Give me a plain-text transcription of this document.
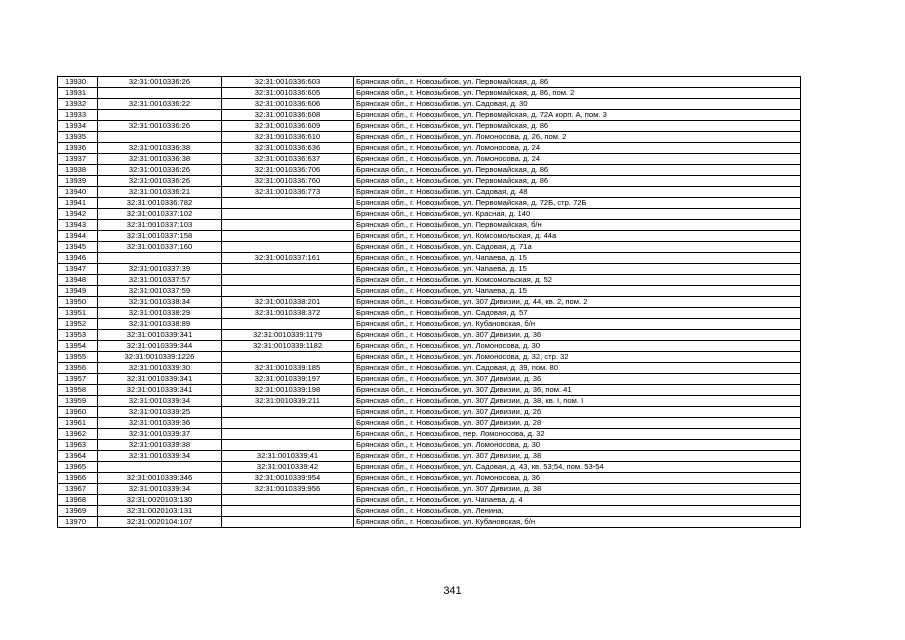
13930	32:31:0010336:26	32:31:0010336:603	Брянская обл., г. Новозыбков, ул. Первомайская, д. 86
13931		32:31:0010336:605	Брянская обл., г. Новозыбков, ул. Первомайская, д. 86, пом. 2
13932	32:31:0010336:22	32:31:0010336:606	Брянская обл., г. Новозыбков, ул. Садовая, д. 30
13933		32:31:0010336:608	Брянская обл., г. Новозыбков, ул. Первомайская, д. 72А корп. А, пом. 3
13934	32:31:0010336:26	32:31:0010336:609	Брянская обл., г. Новозыбков, ул. Первомайская, д. 86
13935		32:31:0010336:610	Брянская обл., г. Новозыбков, ул. Ломоносова, д. 26, пом. 2
13936	32:31:0010336:38	32:31:0010336:636	Брянская обл., г. Новозыбков, ул. Ломоносова, д. 24
13937	32:31:0010336:38	32:31:0010336:637	Брянская обл., г. Новозыбков, ул. Ломоносова, д. 24
13938	32:31:0010336:26	32:31:0010336:706	Брянская обл., г. Новозыбков, ул. Первомайская, д. 86
13939	32:31:0010336:26	32:31:0010336:760	Брянская обл., г. Новозыбков, ул. Первомайская, д. 86
13940	32:31:0010336:21	32:31:0010336:773	Брянская обл., г. Новозыбков, ул. Садовая, д. 48
13941	32:31:0010336:782		Брянская обл., г. Новозыбков, ул. Первомайская, д. 72Б, стр. 72Б
13942	32:31:0010337:102		Брянская обл., г. Новозыбков, ул. Красная, д. 140
13943	32:31:0010337:103		Брянская обл., г. Новозыбков, ул. Первомайская, б/н
13944	32:31:0010337:158		Брянская обл., г. Новозыбков, ул. Комсомольская, д. 44а
13945	32:31:0010337:160		Брянская обл., г. Новозыбков, ул. Садовая, д. 71а
13946		32:31:0010337:161	Брянская обл., г. Новозыбков, ул. Чапаева, д. 15
13947	32:31:0010337:39		Брянская обл., г. Новозыбков, ул. Чапаева, д. 15
13948	32:31:0010337:57		Брянская обл., г. Новозыбков, ул. Комсомольская, д. 52
13949	32:31:0010337:59		Брянская обл., г. Новозыбков, ул. Чапаева, д. 15
13950	32:31:0010338:34	32:31:0010338:201	Брянская обл., г. Новозыбков, ул. 307 Дивизии, д. 44, кв. 2, пом. 2
13951	32:31:0010338:29	32:31:0010338:372	Брянская обл., г. Новозыбков, ул. Садовая, д. 57
13952	32:31:0010338:89		Брянская обл., г. Новозыбков, ул. Кубановская, б/н
13953	32:31:0010339:341	32:31:0010339:1179	Брянская обл., г. Новозыбков, ул. 307 Дивизии, д. 36
13954	32:31:0010339:344	32:31:0010339:1182	Брянская обл., г. Новозыбков, ул. Ломоносова, д. 30
13955	32:31:0010339:1226		Брянская обл., г. Новозыбков, ул. Ломоносова, д. 32, стр. 32
13956	32:31:0010339:30	32:31:0010339:185	Брянская обл., г. Новозыбков, ул. Садовая, д. 39, пом. 80
13957	32:31:0010339:341	32:31:0010339:197	Брянская обл., г. Новозыбков, ул. 307 Дивизии, д. 36
13958	32:31:0010339:341	32:31:0010339:198	Брянская обл., г. Новозыбков, ул. 307 Дивизии, д. 36, пом. 41
13959	32:31:0010339:34	32:31:0010339:211	Брянская обл., г. Новозыбков, ул. 307 Дивизии, д. 38, кв. I, пом. I
13960	32:31:0010339:25		Брянская обл., г. Новозыбков, ул. 307 Дивизии, д. 26
13961	32:31:0010339:36		Брянская обл., г. Новозыбков, ул. 307 Дивизии, д. 28
13962	32:31:0010339:37		Брянская обл., г. Новозыбков, пер. Ломоносова, д. 32
13963	32:31:0010339:38		Брянская обл., г. Новозыбков, ул. Ломоносова, д. 30
13964	32:31:0010339:34	32:31:0010339:41	Брянская обл., г. Новозыбков, ул. 307 Дивизии, д. 38
13965		32:31:0010339:42	Брянская обл., г. Новозыбков, ул. Садовая, д. 43, кв. 53;54, пом. 53-54
13966	32:31:0010339:346	32:31:0010339:954	Брянская обл., г. Новозыбков, ул. Ломоносова, д. 36
13967	32:31:0010339:34	32:31:0010339:956	Брянская обл., г. Новозыбков, ул. 307 Дивизии, д. 38
13968	32:31:0020103:130		Брянская обл., г. Новозыбков, ул. Чапаева, д. 4
13969	32:31:0020103:131		Брянская обл., г. Новозыбков, ул. Ленина,
13970	32:31:0020104:107		Брянская обл., г. Новозыбков, ул. Кубановская, б/н
341
